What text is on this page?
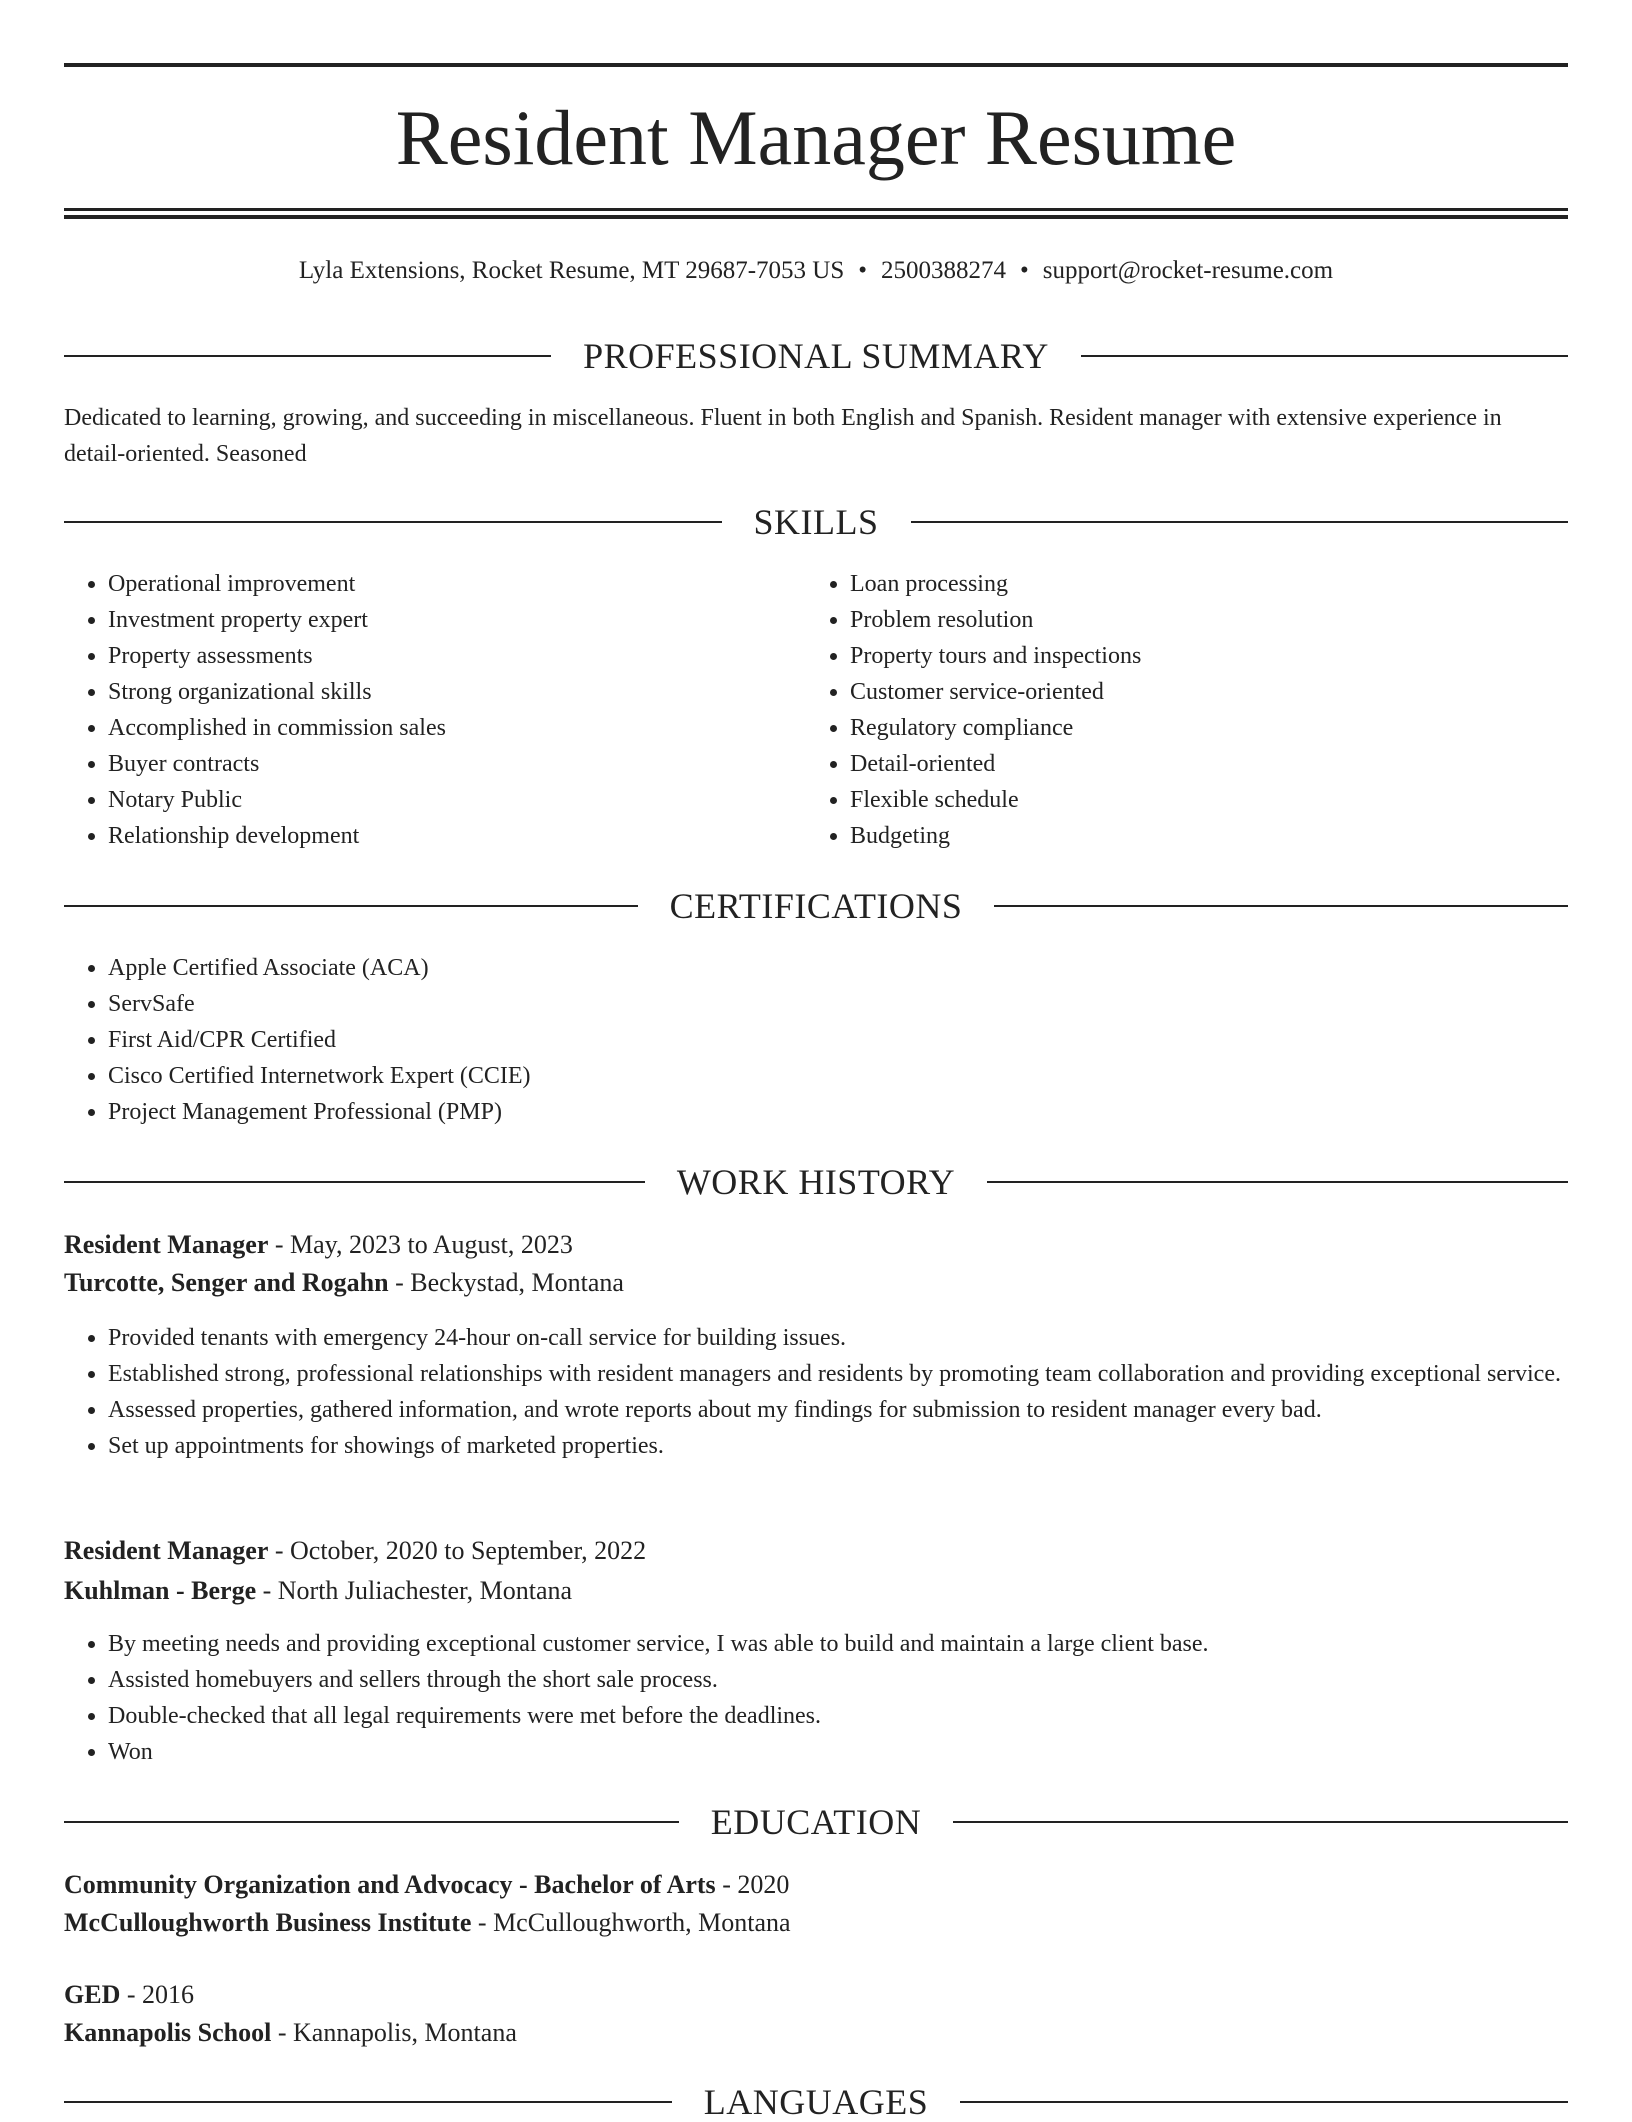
Resident Manager Resume
Lyla Extensions, Rocket Resume, MT 29687-7053 US • 2500388274 • support@rocket-resume.com
PROFESSIONAL SUMMARY

Dedicated to learning, growing, and succeeding in miscellaneous. Fluent in both English and Spanish. Resident manager with extensive experience in detail-oriented. Seasoned

SKILLS
• Operational improvement
• Investment property expert
• Property assessments
• Strong organizational skills
• Accomplished in commission sales
• Buyer contracts
• Notary Public
• Relationship development
• Loan processing
• Problem resolution
• Property tours and inspections
• Customer service-oriented
• Regulatory compliance
• Detail-oriented
• Flexible schedule
• Budgeting
CERTIFICATIONS
• Apple Certified Associate (ACA)
• ServSafe
• First Aid/CPR Certified
• Cisco Certified Internetwork Expert (CCIE)
• Project Management Professional (PMP)
WORK HISTORY
Resident Manager - May, 2023 to August, 2023
Turcotte, Senger and Rogahn - Beckystad, Montana
• Provided tenants with emergency 24-hour on-call service for building issues.
• Established strong, professional relationships with resident managers and residents by promoting team collaboration and providing exceptional service.
• Assessed properties, gathered information, and wrote reports about my findings for submission to resident manager every bad.
• Set up appointments for showings of marketed properties.
Resident Manager - October, 2020 to September, 2022
Kuhlman - Berge - North Juliachester, Montana
• By meeting needs and providing exceptional customer service, I was able to build and maintain a large client base.
• Assisted homebuyers and sellers through the short sale process.
• Double-checked that all legal requirements were met before the deadlines.
• Won
EDUCATION
Community Organization and Advocacy - Bachelor of Arts - 2020
McCulloughworth Business Institute - McCulloughworth, Montana
GED - 2016
Kannapolis School - Kannapolis, Montana
LANGUAGES
